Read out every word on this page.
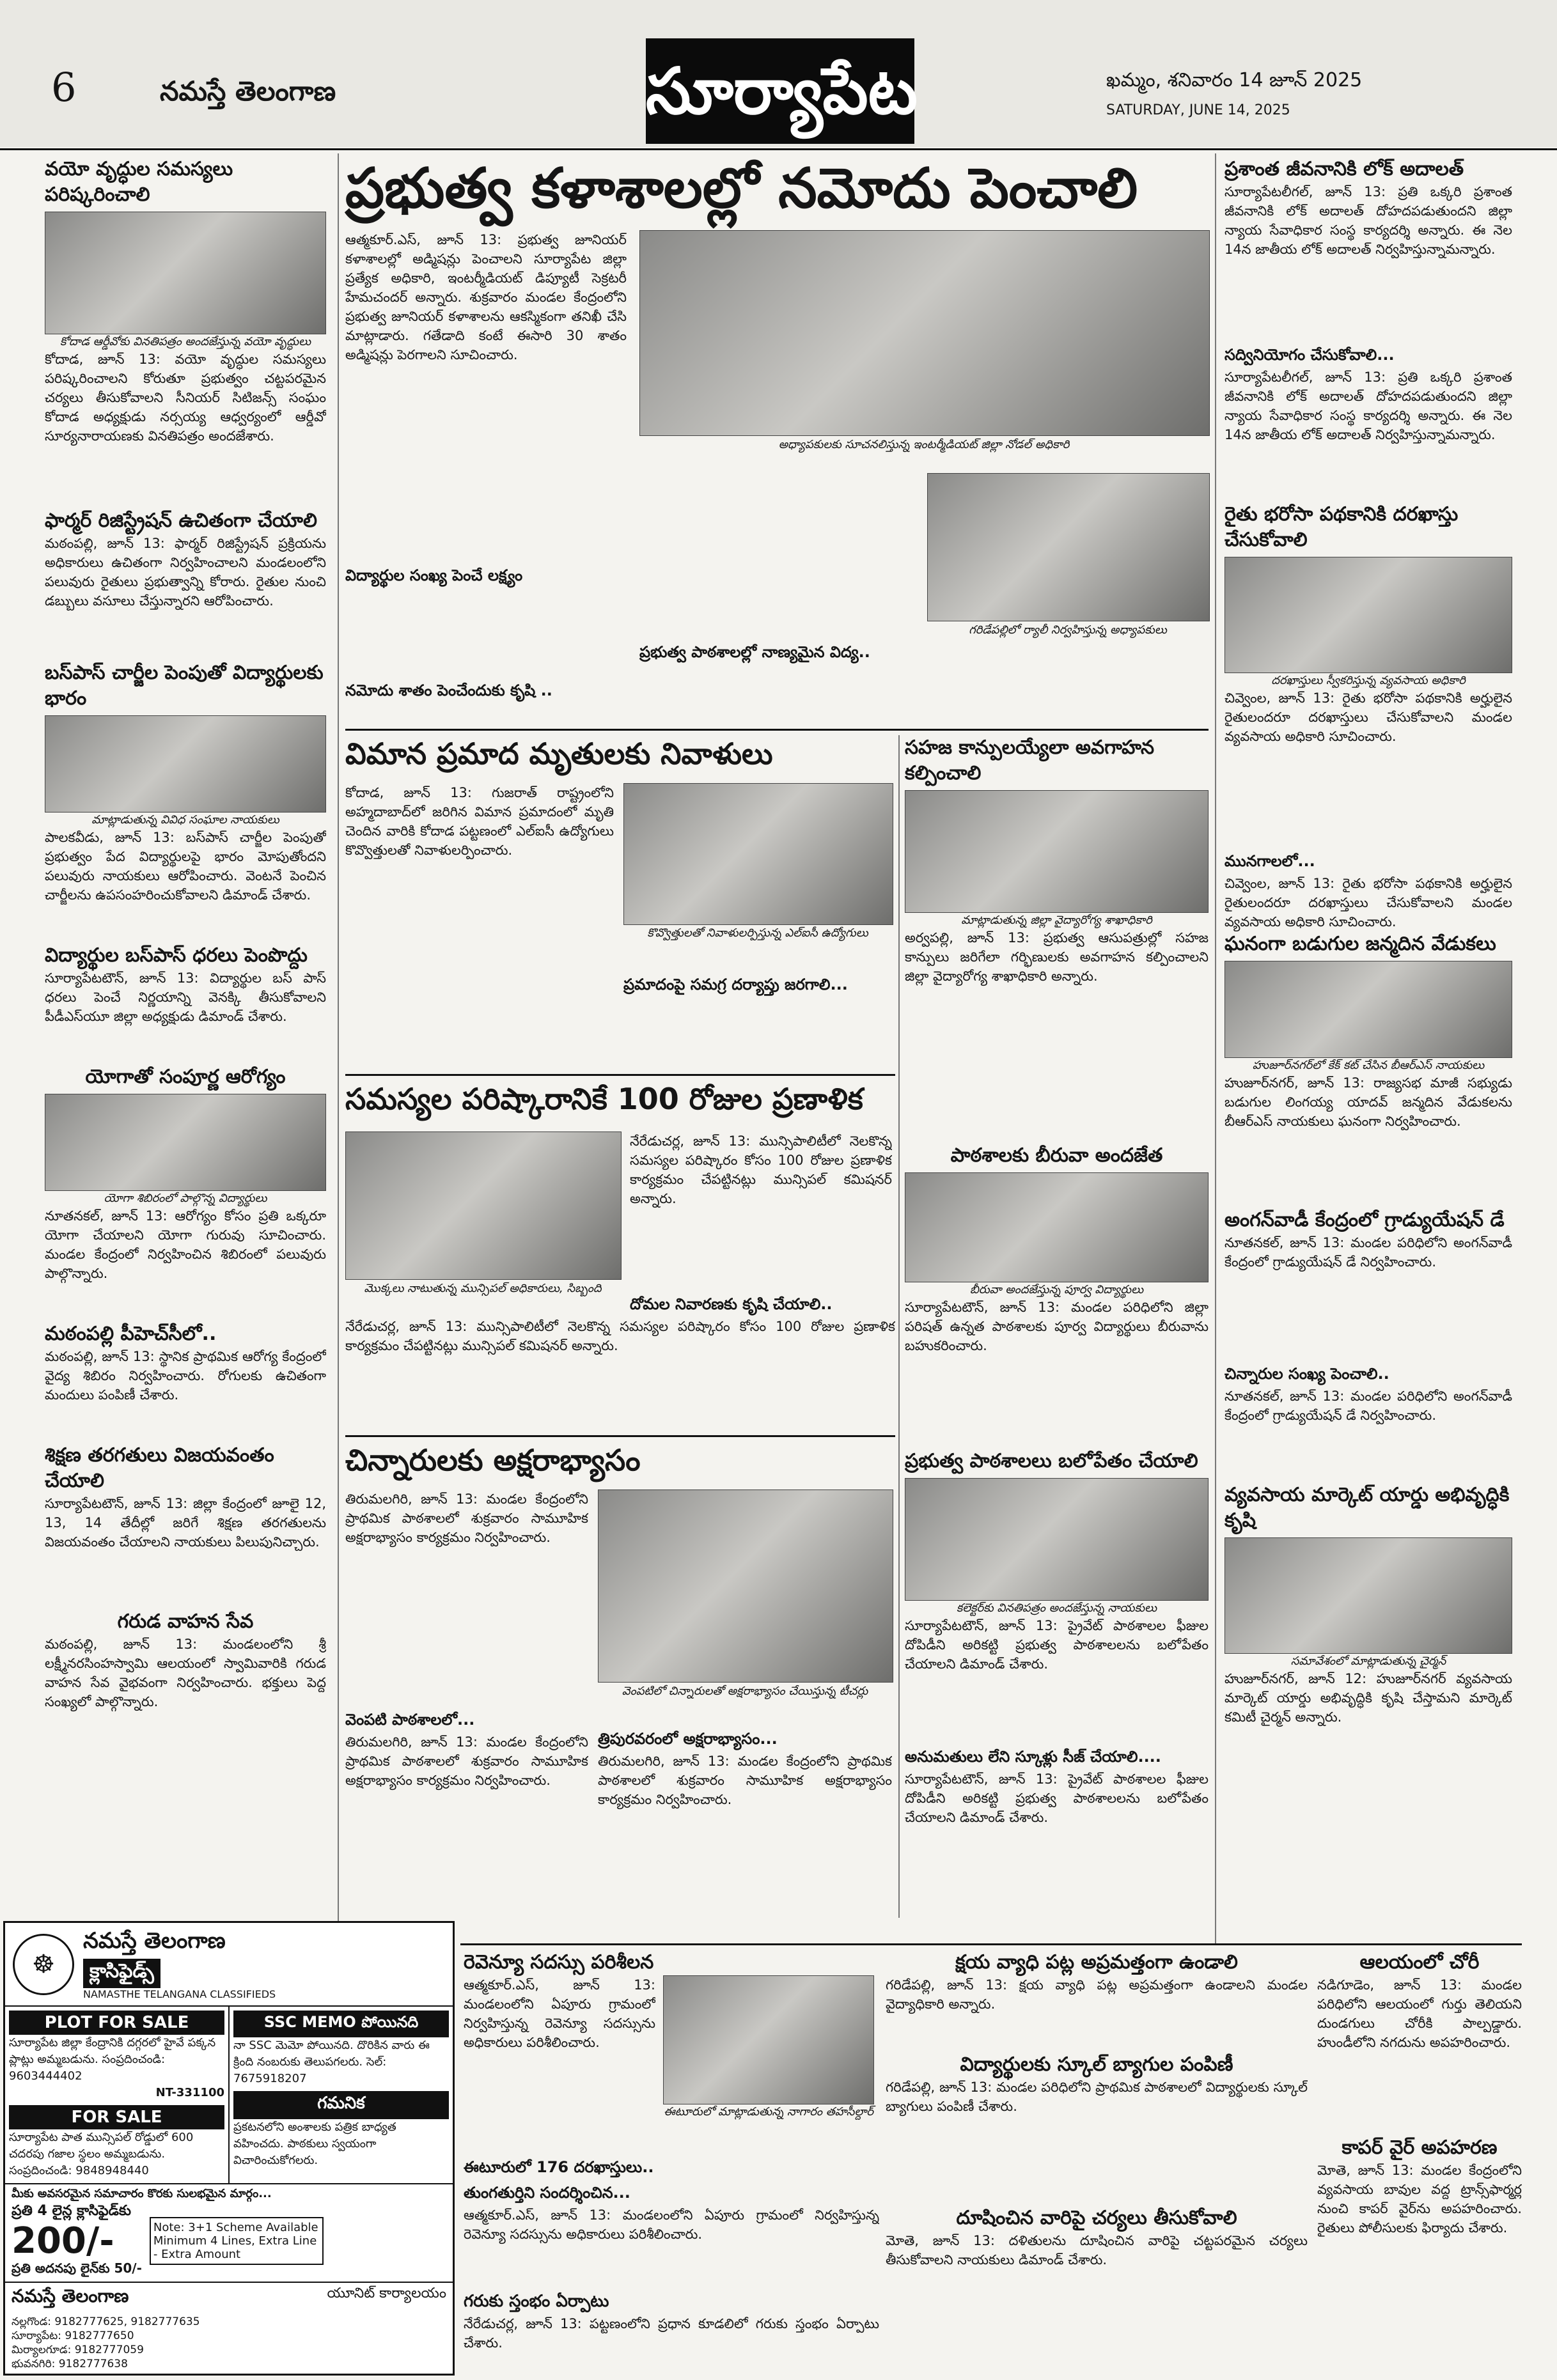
6	నమస్తే తెలంగాణ	సూర్యాపేట	ఖమ్మం, శనివారం 14 జూన్ 2025
SATURDAY, JUNE 14, 2025
వయో వృద్ధుల సమస్యలు పరిష్కరించాలి
కోదాడ ఆర్డీవోకు వినతిపత్రం అందజేస్తున్న వయో వృద్ధులు
కోదాడ, జూన్ 13: వయో వృద్ధుల సమస్యలు పరిష్కరించాలని కోరుతూ ప్రభుత్వం చట్టపరమైన చర్యలు తీసుకోవాలని సీనియర్ సిటిజన్స్ సంఘం కోదాడ అధ్యక్షుడు నర్సయ్య ఆధ్వర్యంలో ఆర్డీవో సూర్యనారాయణకు వినతిపత్రం అందజేశారు.
ఫార్మర్ రిజిస్ట్రేషన్ ఉచితంగా చేయాలి
మఠంపల్లి, జూన్ 13: ఫార్మర్ రిజిస్ట్రేషన్ ప్రక్రియను అధికారులు ఉచితంగా నిర్వహించాలని మండలంలోని పలువురు రైతులు ప్రభుత్వాన్ని కోరారు. రైతుల నుంచి డబ్బులు వసూలు చేస్తున్నారని ఆరోపించారు.
బస్‌పాస్ చార్జీల పెంపుతో విద్యార్థులకు భారం
మాట్లాడుతున్న వివిధ సంఘాల నాయకులు
పాలకవీడు, జూన్ 13: బస్‌పాస్ చార్జీల పెంపుతో ప్రభుత్వం పేద విద్యార్థులపై భారం మోపుతోందని పలువురు నాయకులు ఆరోపించారు. వెంటనే పెంచిన చార్జీలను ఉపసంహరించుకోవాలని డిమాండ్ చేశారు.
విద్యార్థుల బస్‌పాస్ ధరలు పెంపొద్దు
సూర్యాపేటటౌన్, జూన్ 13: విద్యార్థుల బస్ పాస్ ధరలు పెంచే నిర్ణయాన్ని వెనక్కి తీసుకోవాలని పీడీఎస్‌యూ జిల్లా అధ్యక్షుడు డిమాండ్ చేశారు.
యోగాతో సంపూర్ణ ఆరోగ్యం
యోగా శిబిరంలో పాల్గొన్న విద్యార్థులు
నూతనకల్, జూన్ 13: ఆరోగ్యం కోసం ప్రతి ఒక్కరూ యోగా చేయాలని యోగా గురువు సూచించారు. మండల కేంద్రంలో నిర్వహించిన శిబిరంలో పలువురు పాల్గొన్నారు.
మఠంపల్లి పీహెచ్‌సీలో..
మఠంపల్లి, జూన్ 13: స్థానిక ప్రాథమిక ఆరోగ్య కేంద్రంలో వైద్య శిబిరం నిర్వహించారు. రోగులకు ఉచితంగా మందులు పంపిణీ చేశారు.
శిక్షణ తరగతులు విజయవంతం చేయాలి
సూర్యాపేటటౌన్, జూన్ 13: జిల్లా కేంద్రంలో జూలై 12, 13, 14 తేదీల్లో జరిగే శిక్షణ తరగతులను విజయవంతం చేయాలని నాయకులు పిలుపునిచ్చారు.
గరుడ వాహన సేవ
మఠంపల్లి, జూన్ 13: మండలంలోని శ్రీ లక్ష్మీనరసింహస్వామి ఆలయంలో స్వామివారికి గరుడ వాహన సేవ వైభవంగా నిర్వహించారు. భక్తులు పెద్ద సంఖ్యలో పాల్గొన్నారు.
ప్రభుత్వ కళాశాలల్లో నమోదు పెంచాలి
ఆత్మకూర్.ఎస్, జూన్ 13: ప్రభుత్వ జూనియర్ కళాశాలల్లో అడ్మిషన్లు పెంచాలని సూర్యాపేట జిల్లా ప్రత్యేక అధికారి, ఇంటర్మీడియట్ డిప్యూటీ సెక్రటరీ హేమచందర్ అన్నారు. శుక్రవారం మండల కేంద్రంలోని ప్రభుత్వ జూనియర్ కళాశాలను ఆకస్మికంగా తనిఖీ చేసి మాట్లాడారు. గతేడాది కంటే ఈసారి 30 శాతం అడ్మిషన్లు పెరగాలని సూచించారు.
అధ్యాపకులకు సూచనలిస్తున్న ఇంటర్మీడియట్ జిల్లా నోడల్ అధికారి
విద్యార్థుల సంఖ్య పెంచే లక్ష్యం
గరిడేపల్లిలో ర్యాలీ నిర్వహిస్తున్న అధ్యాపకులు
ప్రభుత్వ పాఠశాలల్లో నాణ్యమైన విద్య..
నమోదు శాతం పెంచేందుకు కృషి ..
విమాన ప్రమాద మృతులకు నివాళులు
కోదాడ, జూన్ 13: గుజరాత్ రాష్ట్రంలోని అహ్మదాబాద్‌లో జరిగిన విమాన ప్రమాదంలో మృతి చెందిన వారికి కోదాడ పట్టణంలో ఎల్ఐసీ ఉద్యోగులు కొవ్వొత్తులతో నివాళులర్పించారు.
కొవ్వొత్తులతో నివాళులర్పిస్తున్న ఎల్ఐసీ ఉద్యోగులు
ప్రమాదంపై సమగ్ర దర్యాప్తు జరగాలి...
సమస్యల పరిష్కారానికే 100 రోజుల ప్రణాళిక
మొక్కలు నాటుతున్న మున్సిపల్ అధికారులు, సిబ్బంది
నేరేడుచర్ల, జూన్ 13: మున్సిపాలిటీలో నెలకొన్న సమస్యల పరిష్కారం కోసం 100 రోజుల ప్రణాళిక కార్యక్రమం చేపట్టినట్లు మున్సిపల్ కమిషనర్ అన్నారు.
దోమల నివారణకు కృషి చేయాలి..
నేరేడుచర్ల, జూన్ 13: మున్సిపాలిటీలో నెలకొన్న సమస్యల పరిష్కారం కోసం 100 రోజుల ప్రణాళిక కార్యక్రమం చేపట్టినట్లు మున్సిపల్ కమిషనర్ అన్నారు.
చిన్నారులకు అక్షరాభ్యాసం
తిరుమలగిరి, జూన్ 13: మండల కేంద్రంలోని ప్రాథమిక పాఠశాలలో శుక్రవారం సామూహిక అక్షరాభ్యాసం కార్యక్రమం నిర్వహించారు.
వెంపటిలో చిన్నారులతో అక్షరాభ్యాసం చేయిస్తున్న టీచర్లు
వెంపటి పాఠశాలలో...
త్రిపురవరంలో అక్షరాభ్యాసం...
తిరుమలగిరి, జూన్ 13: మండల కేంద్రంలోని ప్రాథమిక పాఠశాలలో శుక్రవారం సామూహిక అక్షరాభ్యాసం కార్యక్రమం నిర్వహించారు.
తిరుమలగిరి, జూన్ 13: మండల కేంద్రంలోని ప్రాథమిక పాఠశాలలో శుక్రవారం సామూహిక అక్షరాభ్యాసం కార్యక్రమం నిర్వహించారు.
సహజ కాన్పులయ్యేలా అవగాహన కల్పించాలి
మాట్లాడుతున్న జిల్లా వైద్యారోగ్య శాఖాధికారి
అర్వపల్లి, జూన్ 13: ప్రభుత్వ ఆసుపత్రుల్లో సహజ కాన్పులు జరిగేలా గర్భిణులకు అవగాహన కల్పించాలని జిల్లా వైద్యారోగ్య శాఖాధికారి అన్నారు.
పాఠశాలకు బీరువా అందజేత
బీరువా అందజేస్తున్న పూర్వ విద్యార్థులు
సూర్యాపేటటౌన్, జూన్ 13: మండల పరిధిలోని జిల్లా పరిషత్ ఉన్నత పాఠశాలకు పూర్వ విద్యార్థులు బీరువాను బహుకరించారు.
ప్రభుత్వ పాఠశాలలు బలోపేతం చేయాలి
కలెక్టర్‌కు వినతిపత్రం అందజేస్తున్న నాయకులు
సూర్యాపేటటౌన్, జూన్ 13: ప్రైవేట్ పాఠశాలల ఫీజుల దోపిడీని అరికట్టి ప్రభుత్వ పాఠశాలలను బలోపేతం చేయాలని డిమాండ్ చేశారు.
అనుమతులు లేని స్కూళ్లు సీజ్ చేయాలి....
సూర్యాపేటటౌన్, జూన్ 13: ప్రైవేట్ పాఠశాలల ఫీజుల దోపిడీని అరికట్టి ప్రభుత్వ పాఠశాలలను బలోపేతం చేయాలని డిమాండ్ చేశారు.
ప్రశాంత జీవనానికి లోక్ అదాలత్
సూర్యాపేటలీగల్, జూన్ 13: ప్రతి ఒక్కరి ప్రశాంత జీవనానికి లోక్ అదాలత్ దోహదపడుతుందని జిల్లా న్యాయ సేవాధికార సంస్థ కార్యదర్శి అన్నారు. ఈ నెల 14న జాతీయ లోక్ అదాలత్ నిర్వహిస్తున్నామన్నారు.
సద్వినియోగం చేసుకోవాలి...
సూర్యాపేటలీగల్, జూన్ 13: ప్రతి ఒక్కరి ప్రశాంత జీవనానికి లోక్ అదాలత్ దోహదపడుతుందని జిల్లా న్యాయ సేవాధికార సంస్థ కార్యదర్శి అన్నారు. ఈ నెల 14న జాతీయ లోక్ అదాలత్ నిర్వహిస్తున్నామన్నారు.
రైతు భరోసా పథకానికి దరఖాస్తు చేసుకోవాలి
దరఖాస్తులు స్వీకరిస్తున్న వ్యవసాయ అధికారి
చివ్వెంల, జూన్ 13: రైతు భరోసా పథకానికి అర్హులైన రైతులందరూ దరఖాస్తులు చేసుకోవాలని మండల వ్యవసాయ అధికారి సూచించారు.
మునగాలలో...
చివ్వెంల, జూన్ 13: రైతు భరోసా పథకానికి అర్హులైన రైతులందరూ దరఖాస్తులు చేసుకోవాలని మండల వ్యవసాయ అధికారి సూచించారు.
ఘనంగా బడుగుల జన్మదిన వేడుకలు
హుజూర్‌నగర్‌లో కేక్ కట్ చేసిన బీఆర్ఎస్ నాయకులు
హుజూర్‌నగర్, జూన్ 13: రాజ్యసభ మాజీ సభ్యుడు బడుగుల లింగయ్య యాదవ్ జన్మదిన వేడుకలను బీఆర్ఎస్ నాయకులు ఘనంగా నిర్వహించారు.
అంగన్‌వాడీ కేంద్రంలో గ్రాడ్యుయేషన్ డే
నూతనకల్, జూన్ 13: మండల పరిధిలోని అంగన్‌వాడీ కేంద్రంలో గ్రాడ్యుయేషన్ డే నిర్వహించారు.
చిన్నారుల సంఖ్య పెంచాలి..
నూతనకల్, జూన్ 13: మండల పరిధిలోని అంగన్‌వాడీ కేంద్రంలో గ్రాడ్యుయేషన్ డే నిర్వహించారు.
వ్యవసాయ మార్కెట్ యార్డు అభివృద్ధికి కృషి
సమావేశంలో మాట్లాడుతున్న చైర్మన్
హుజూర్‌నగర్, జూన్ 12: హుజూర్‌నగర్ వ్యవసాయ మార్కెట్ యార్డు అభివృద్ధికి కృషి చేస్తామని మార్కెట్ కమిటీ చైర్మన్ అన్నారు.
రెవెన్యూ సదస్సు పరిశీలన
ఆత్మకూర్.ఎస్, జూన్ 13: మండలంలోని ఏపూరు గ్రామంలో నిర్వహిస్తున్న రెవెన్యూ సదస్సును అధికారులు పరిశీలించారు.
ఈటూరులో మాట్లాడుతున్న నాగారం తహసీల్దార్
ఈటూరులో 176 దరఖాస్తులు..
తుంగతుర్తిని సందర్శించిన...
ఆత్మకూర్.ఎస్, జూన్ 13: మండలంలోని ఏపూరు గ్రామంలో నిర్వహిస్తున్న రెవెన్యూ సదస్సును అధికారులు పరిశీలించారు.
గరుకు స్తంభం ఏర్పాటు
నేరేడుచర్ల, జూన్ 13: పట్టణంలోని ప్రధాన కూడలిలో గరుకు స్తంభం ఏర్పాటు చేశారు.
క్షయ వ్యాధి పట్ల అప్రమత్తంగా ఉండాలి
గరిడేపల్లి, జూన్ 13: క్షయ వ్యాధి పట్ల అప్రమత్తంగా ఉండాలని మండల వైద్యాధికారి అన్నారు.
విద్యార్థులకు స్కూల్ బ్యాగుల పంపిణీ
గరిడేపల్లి, జూన్ 13: మండల పరిధిలోని ప్రాథమిక పాఠశాలలో విద్యార్థులకు స్కూల్ బ్యాగులు పంపిణీ చేశారు.
దూషించిన వారిపై చర్యలు తీసుకోవాలి
మోతె, జూన్ 13: దళితులను దూషించిన వారిపై చట్టపరమైన చర్యలు తీసుకోవాలని నాయకులు డిమాండ్ చేశారు.
ఆలయంలో చోరీ
నడిగూడెం, జూన్ 13: మండల పరిధిలోని ఆలయంలో గుర్తు తెలియని దుండగులు చోరీకి పాల్పడ్డారు. హుండీలోని నగదును అపహరించారు.
కాపర్ వైర్ అపహరణ
మోతె, జూన్ 13: మండల కేంద్రంలోని వ్యవసాయ బావుల వద్ద ట్రాన్స్‌ఫార్మర్ల నుంచి కాపర్ వైర్‌ను అపహరించారు. రైతులు పోలీసులకు ఫిర్యాదు చేశారు.
☸
నమస్తే తెలంగాణ
క్లాసిఫైడ్స్
NAMASTHE TELANGANA CLASSIFIEDS
PLOT FOR SALE
సూర్యాపేట జిల్లా కేంద్రానికి దగ్గరలో హైవే పక్కన ప్లాట్లు అమ్మబడును. సంప్రదించండి: 9603444402
NT-331100
FOR SALE
సూర్యాపేట పాత మున్సిపల్ రోడ్డులో 600 చదరపు గజాల స్థలం అమ్మబడును. సంప్రదించండి: 9848948440
SSC MEMO పోయినది
నా SSC మెమో పోయినది. దొరికిన వారు ఈ క్రింది నంబరుకు తెలుపగలరు. సెల్: 7675918207
గమనిక
ప్రకటనలోని అంశాలకు పత్రిక బాధ్యత వహించదు. పాఠకులు స్వయంగా విచారించుకోగలరు.
మీకు అవసరమైన సమాచారం కొరకు సులభమైన మార్గం...
ప్రతి 4 లైన్ల క్లాసిఫైడ్‌కు
200/-
ప్రతి అదనపు లైన్‌కు 50/-
Note: 3+1 Scheme Available Minimum 4 Lines, Extra Line - Extra Amount
నమస్తే తెలంగాణ	యూనిట్ కార్యాలయం
నల్లగొండ: 9182777625, 9182777635
సూర్యాపేట: 9182777650
మిర్యాలగూడ: 9182777059
భువనగిరి: 9182777638
